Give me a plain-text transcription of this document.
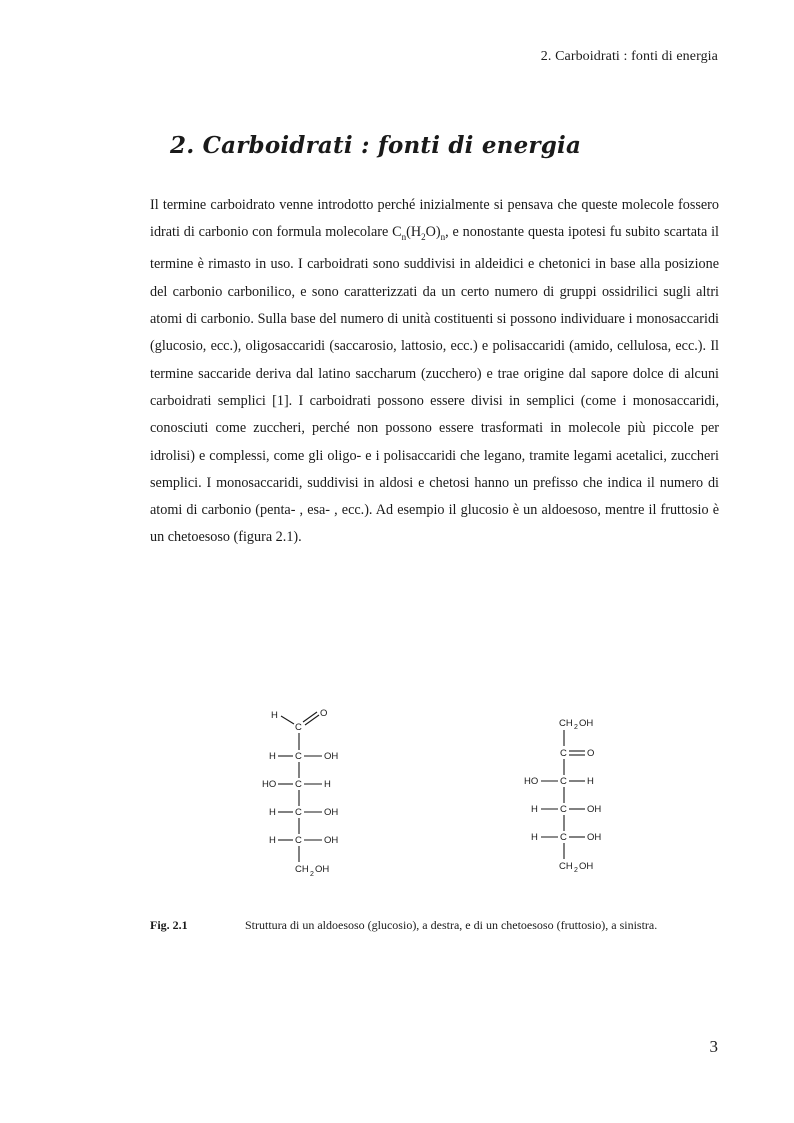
2. Carboidrati : fonti di energia
2. Carboidrati : fonti di energia

Il termine carboidrato venne introdotto perché inizialmente si pensava che queste molecole fossero idrati di carbonio con formula molecolare $C_n(H_2O)_n$, e nonostante questa ipotesi fu subito scartata il termine è rimasto in uso. I carboidrati sono suddivisi in aldeidici e chetonici in base alla posizione del carbonio carbonilico, e sono caratterizzati da un certo numero di gruppi ossidrilici sugli altri atomi di carbonio. Sulla base del numero di unità costituenti si possono individuare i monosaccaridi (glucosio, ecc.), oligosaccaridi (saccarosio, lattosio, ecc.) e polisaccaridi (amido, cellulosa, ecc.). Il termine saccaride deriva dal latino saccharum (zucchero) e trae origine dal sapore dolce di alcuni carboidrati semplici [1]. I carboidrati possono essere divisi in semplici (come i monosaccaridi, conosciuti come zuccheri, perché non possono essere trasformati in molecole più piccole per idrolisi) e complessi, come gli oligo- e i polisaccaridi che legano, tramite legami acetalici, zuccheri semplici. I monosaccaridi, suddivisi in aldosi e chetosi hanno un prefisso che indica il numero di atomi di carbonio (penta- , esa- , ecc.). Ad esempio il glucosio è un aldoesoso, mentre il fruttosio è un chetoesoso (figura 2.1).

H	O
C
H C OH
HO C H
H C OH
H C OH
CH 2 OH
CH 2 OH
C O
HO C H
H C OH
H C OH
CH 2 OH
Fig. 2.1	Struttura di un aldoesoso (glucosio), a destra, e di un chetoesoso (fruttosio), a sinistra.
3
